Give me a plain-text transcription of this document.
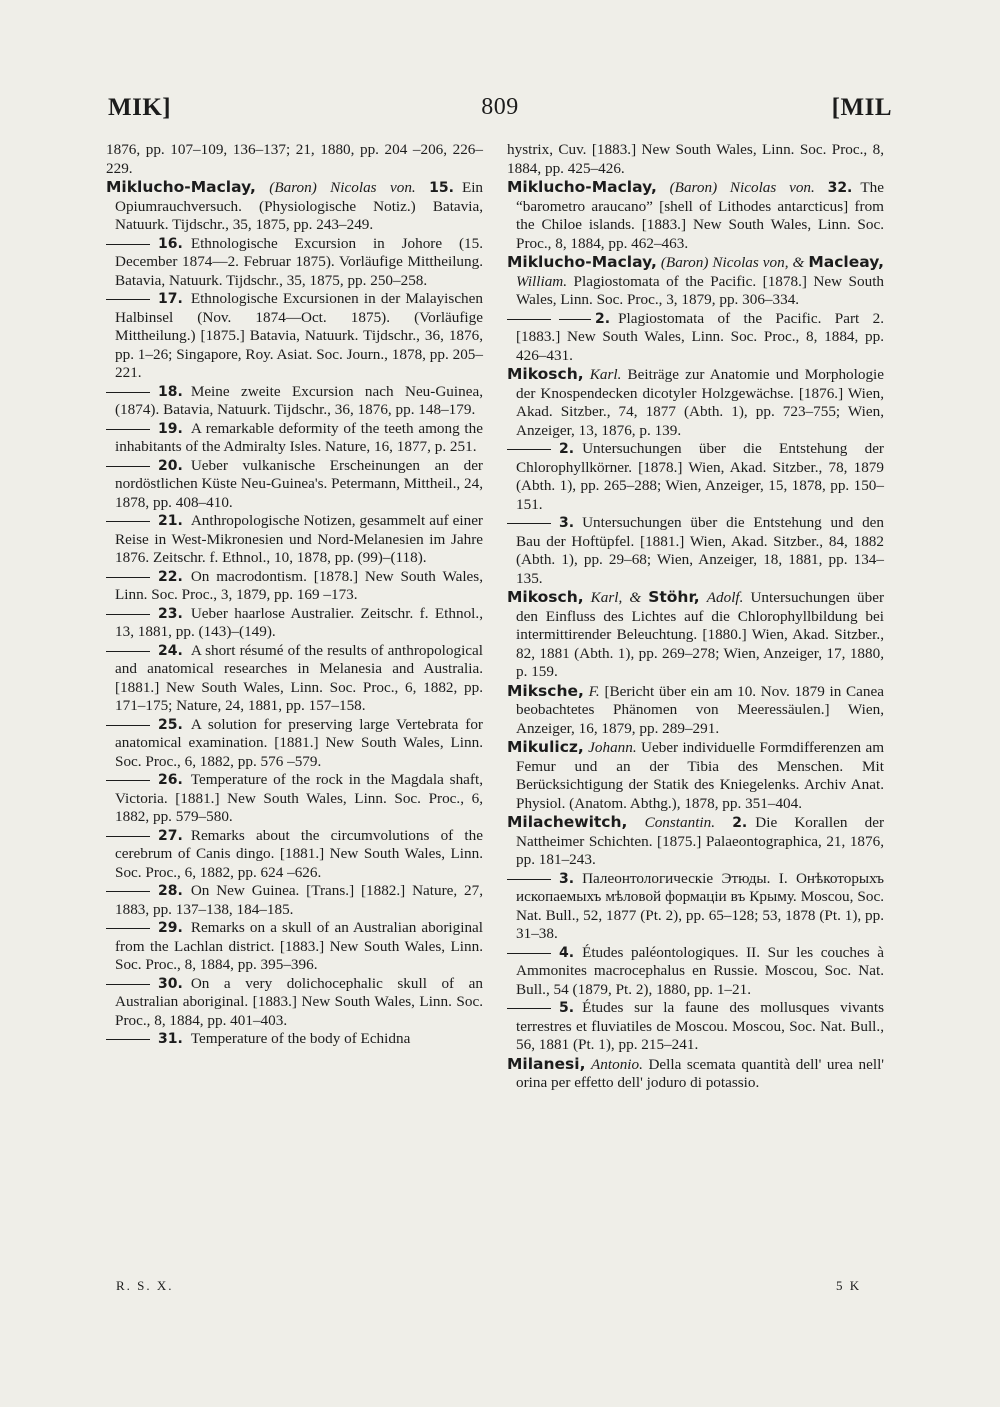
MIK]	809	[MIL

1876, pp. 107–109, 136–137; 21, 1880, pp. 204 –206, 226–229.

Miklucho-Maclay, (Baron) Nicolas von. 15. Ein Opiumrauchversuch. (Physiologische Notiz.) Batavia, Natuurk. Tijdschr., 35, 1875, pp. 243–249.

16. Ethnologische Excursion in Johore (15. December 1874—2. Februar 1875). Vorläufige Mittheilung. Batavia, Natuurk. Tijdschr., 35, 1875, pp. 250–258.

17. Ethnologische Excursionen in der Malayischen Halbinsel (Nov. 1874—Oct. 1875). (Vorläufige Mittheilung.) [1875.] Batavia, Natuurk. Tijdschr., 36, 1876, pp. 1–26; Singapore, Roy. Asiat. Soc. Journ., 1878, pp. 205–221.

18. Meine zweite Excursion nach Neu-Guinea, (1874). Batavia, Natuurk. Tijdschr., 36, 1876, pp. 148–179.

19. A remarkable deformity of the teeth among the inhabitants of the Admiralty Isles. Nature, 16, 1877, p. 251.

20. Ueber vulkanische Erscheinungen an der nordöstlichen Küste Neu-Guinea's. Petermann, Mittheil., 24, 1878, pp. 408–410.

21. Anthropologische Notizen, gesammelt auf einer Reise in West-Mikronesien und Nord-Melanesien im Jahre 1876. Zeitschr. f. Ethnol., 10, 1878, pp. (99)–(118).

22. On macrodontism. [1878.] New South Wales, Linn. Soc. Proc., 3, 1879, pp. 169 –173.

23. Ueber haarlose Australier. Zeitschr. f. Ethnol., 13, 1881, pp. (143)–(149).

24. A short résumé of the results of anthropological and anatomical researches in Melanesia and Australia. [1881.] New South Wales, Linn. Soc. Proc., 6, 1882, pp. 171–175; Nature, 24, 1881, pp. 157–158.

25. A solution for preserving large Vertebrata for anatomical examination. [1881.] New South Wales, Linn. Soc. Proc., 6, 1882, pp. 576 –579.

26. Temperature of the rock in the Magdala shaft, Victoria. [1881.] New South Wales, Linn. Soc. Proc., 6, 1882, pp. 579–580.

27. Remarks about the circumvolutions of the cerebrum of Canis dingo. [1881.] New South Wales, Linn. Soc. Proc., 6, 1882, pp. 624 –626.

28. On New Guinea. [Trans.] [1882.] Nature, 27, 1883, pp. 137–138, 184–185.

29. Remarks on a skull of an Australian aboriginal from the Lachlan district. [1883.] New South Wales, Linn. Soc. Proc., 8, 1884, pp. 395–396.

30. On a very dolichocephalic skull of an Australian aboriginal. [1883.] New South Wales, Linn. Soc. Proc., 8, 1884, pp. 401–403.

31. Temperature of the body of Echidna

hystrix, Cuv. [1883.] New South Wales, Linn. Soc. Proc., 8, 1884, pp. 425–426.

Miklucho-Maclay, (Baron) Nicolas von. 32. The “barometro araucano” [shell of Lithodes antarcticus] from the Chiloe islands. [1883.] New South Wales, Linn. Soc. Proc., 8, 1884, pp. 462–463.

Miklucho-Maclay, (Baron) Nicolas von, & Macleay, William. Plagiostomata of the Pacific. [1878.] New South Wales, Linn. Soc. Proc., 3, 1879, pp. 306–334.

2. Plagiostomata of the Pacific. Part 2. [1883.] New South Wales, Linn. Soc. Proc., 8, 1884, pp. 426–431.

Mikosch, Karl. Beiträge zur Anatomie und Morphologie der Knospendecken dicotyler Holzgewächse. [1876.] Wien, Akad. Sitzber., 74, 1877 (Abth. 1), pp. 723–755; Wien, Anzeiger, 13, 1876, p. 139.

2. Untersuchungen über die Entstehung der Chlorophyllkörner. [1878.] Wien, Akad. Sitzber., 78, 1879 (Abth. 1), pp. 265–288; Wien, Anzeiger, 15, 1878, pp. 150–151.

3. Untersuchungen über die Entstehung und den Bau der Hoftüpfel. [1881.] Wien, Akad. Sitzber., 84, 1882 (Abth. 1), pp. 29–68; Wien, Anzeiger, 18, 1881, pp. 134–135.

Mikosch, Karl, & Stöhr, Adolf. Untersuchungen über den Einfluss des Lichtes auf die Chlorophyllbildung bei intermittirender Beleuchtung. [1880.] Wien, Akad. Sitzber., 82, 1881 (Abth. 1), pp. 269–278; Wien, Anzeiger, 17, 1880, p. 159.

Miksche, F. [Bericht über ein am 10. Nov. 1879 in Canea beobachtetes Phänomen von Meeressäulen.] Wien, Anzeiger, 16, 1879, pp. 289–291.

Mikulicz, Johann. Ueber individuelle Formdifferenzen am Femur und an der Tibia des Menschen. Mit Berücksichtigung der Statik des Kniegelenks. Archiv Anat. Physiol. (Anatom. Abthg.), 1878, pp. 351–404.

Milachewitch, Constantin. 2. Die Korallen der Nattheimer Schichten. [1875.] Palaeontographica, 21, 1876, pp. 181–243.

3. Палеонтологическіе Этюды. I. Онѣкоторыхъ ископаемыхъ мѣловой формаціи въ Крыму. Moscou, Soc. Nat. Bull., 52, 1877 (Pt. 2), pp. 65–128; 53, 1878 (Pt. 1), pp. 31–38.

4. Études paléontologiques. II. Sur les couches à Ammonites macrocephalus en Russie. Moscou, Soc. Nat. Bull., 54 (1879, Pt. 2), 1880, pp. 1–21.

5. Études sur la faune des mollusques vivants terrestres et fluviatiles de Moscou. Moscou, Soc. Nat. Bull., 56, 1881 (Pt. 1), pp. 215–241.

Milanesi, Antonio. Della scemata quantità dell' urea nell' orina per effetto dell' joduro di potassio.

R. S. X.	5 K
